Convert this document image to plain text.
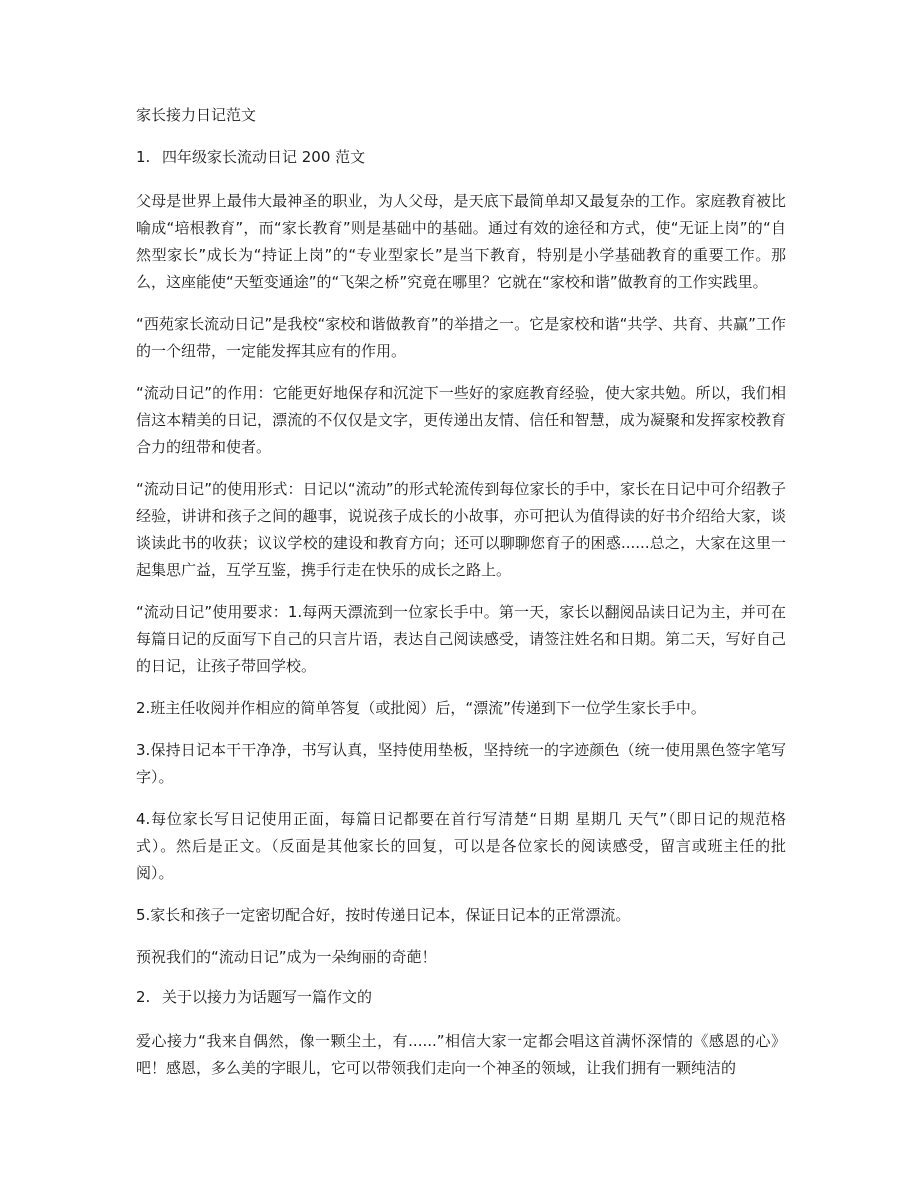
家长接力日记范文
1. 四年级家长流动日记 200 范文

父母是世界上最伟大最神圣的职业，为人父母，是天底下最简单却又最复杂的工作。家庭教育被比喻成“培根教育”，而“家长教育”则是基础中的基础。通过有效的途径和方式，使“无证上岗”的“自然型家长”成长为“持证上岗”的“专业型家长”是当下教育，特别是小学基础教育的重要工作。那么，这座能使“天堑变通途”的“飞架之桥”究竟在哪里？它就在“家校和谐”做教育的工作实践里。

“西苑家长流动日记”是我校“家校和谐做教育”的举措之一。它是家校和谐“共学、共育、共赢”工作的一个纽带，一定能发挥其应有的作用。

“流动日记”的作用：它能更好地保存和沉淀下一些好的家庭教育经验，使大家共勉。所以，我们相信这本精美的日记，漂流的不仅仅是文字，更传递出友情、信任和智慧，成为凝聚和发挥家校教育合力的纽带和使者。

“流动日记”的使用形式：日记以“流动”的形式轮流传到每位家长的手中，家长在日记中可介绍教子经验，讲讲和孩子之间的趣事，说说孩子成长的小故事，亦可把认为值得读的好书介绍给大家，谈谈读此书的收获；议议学校的建设和教育方向；还可以聊聊您育子的困惑......总之，大家在这里一起集思广益，互学互鉴，携手行走在快乐的成长之路上。

“流动日记”使用要求：1.每两天漂流到一位家长手中。第一天，家长以翻阅品读日记为主，并可在每篇日记的反面写下自己的只言片语，表达自己阅读感受，请签注姓名和日期。第二天，写好自己的日记，让孩子带回学校。

2.班主任收阅并作相应的简单答复（或批阅）后，“漂流”传递到下一位学生家长手中。

3.保持日记本干干净净，书写认真，坚持使用垫板，坚持统一的字迹颜色（统一使用黑色签字笔写字）。

4.每位家长写日记使用正面，每篇日记都要在首行写清楚“日期 星期几 天气”（即日记的规范格式）。然后是正文。（反面是其他家长的回复，可以是各位家长的阅读感受，留言或班主任的批阅）。

5.家长和孩子一定密切配合好，按时传递日记本，保证日记本的正常漂流。

预祝我们的“流动日记”成为一朵绚丽的奇葩！

2. 关于以接力为话题写一篇作文的

爱心接力“我来自偶然，像一颗尘土，有......”相信大家一定都会唱这首满怀深情的《感恩的心》吧！感恩，多么美的字眼儿，它可以带领我们走向一个神圣的领域，让我们拥有一颗纯洁的
